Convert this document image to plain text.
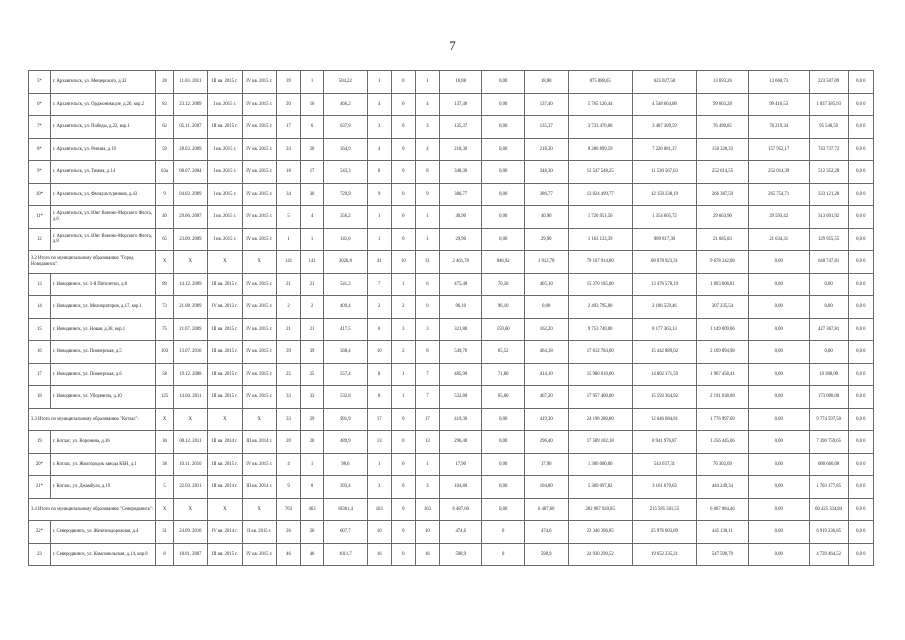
7
5*	г. Архангельск, ул. Мещерского, д.32	28	11.03. 2011	III кв. 2015 г.	IV кв. 2015 г.	39	1	504,22	1	0	1	18,88	0,00	18,88	875 888,65	625 027,58	13 693,26	13 660,73	223 507,09	0,0 0
6*	г. Архангельск, ул. Орджоникидзе, д.26, кор.2	83	23.12. 2009	I кв. 2015 г.	IV кв. 2015 г.	20	16	466,2	4	0	4	137,40	0,00	137,40	5 765 120,44	4 548 664,08	99 663,28	99 416,53	1 037 385,93	0,0 0
7*	г. Архангельск, ул. Победы, д.22, кор.1	62	05.11. 2007	III кв. 2015 г.	IV кв. 2015 г.	17	6	637,9	3	0	3	135,37	0,00	135,37	3 733 470,08	3 487 309,59	76 490,85	76 219,34	95 540,59	0,0 0
8*	г. Архангельск, ул. Репина, д.19	59	28.03. 2009	I кв. 2015 г.	IV кв. 2015 г.	24	20	564,9	4	0	4	218,30	0,00	218,30	8 286 899,59	7 226 881,37	158 328,33	157 952,17	743 737,72	0,0 0
9*	г. Архангельск, ул. Тимма, д.14	63а	08.07. 2004	I кв. 2015 г.	IV кв. 2015 г.	18	17	543,3	8	0	8	348,30	0,00	348,30	12 547 548,25	11 530 567,03	252 614,55	252 014,39	512 352,28	0,0 0
10*	г. Архангельск, ул. Фмзкультурников, д.43	9	04.03. 2009	I кв. 2015 г.	IV кв. 2015 г.	34	30	729,9	9	0	9	386,77	0,00	386,77	13 024 499,77	12 159 238,19	266 387,59	265 754,71	333 121,28	0,0 0
11*	г. Архангельск, ул. Юнг Военно-Морского Флота, д.6	40	29.06. 2007	I кв. 2015 г.	IV кв. 2015 г.	5	4	356,2	1	0	1	40,90	0,00	40,90	1 726 951,56	1 354 605,72	29 663,90	29 593,42	313 691,92	0,0 0
12	г. Архангельск, ул. Юнг Военно-Морского Флота, д.8	65	23.09. 2009	I кв. 2015 г.	IV кв. 2015 г.	1	1	141,0	1	0	1	29,90	0,00	29,90	1 163 123,39	989 817,30	21 685,83	21 634,31	129 955,55	0,0 0
3.2 Итого по муниципальному образованию "Город Новодвинск":		X	X	X	X	141	141	3026,8	41	10	31	2 461,70	846,92	1 912,78	79 167 914,00	68 878 923,31	9 678 242,08	0,00	640 747,81	0,0 0
13	г. Новодвинск, ул. 3-й Пятилетки, д.8	89	14.12. 2009	III кв. 2015 г.	IV кв. 2015 г.	21	21	541,3	7	1	6	475,40	70,30	405,10	15 370 185,00	13 476 578,19	1 893 606,81	0,00	0,00	0,0 0
14	г. Новодвинск, ул. Мелиораторов, д.17, кор.1	73	21.08. 2009	IV кв. 2013 г.	IV кв. 2015 г.	2	2	409,4	2	2	0	96,10	96,10	0,00	2 493 795,00	2 186 559,46	307 235,54	0,00	0,00	0,0 0
15	г. Новодвинск, ул. Новая, д.38, кор.1	75	21.07. 2009	III кв. 2015 г.	IV кв. 2015 г.	21	21	417,5	6	3	3	321,80	159,60	162,20	9 753 740,00	8 177 363,13	1 149 009,06	0,00	427 367,81	0,0 0
16	г. Новодвинск, ул. Пионерская, д.5	103	13.07. 2010	III кв. 2015 г.	IV кв. 2015 г.	39	39	568,4	10	2	8	549,70	85,52	464,18	17 612 784,00	15 442 889,02	2 169 894,98	0,00	0,00	0,0 0
17	г. Новодвинск, ул. Пионерская, д.6	58	19.12. 2008	III кв. 2015 г.	IV кв. 2015 г.	25	25	557,4	8	1	7	485,90	71,80	414,10	15 980 010,00	14 002 171,59	1 967 458,41	0,00	10 380,00	0,0 0
18	г. Новодвинск, ул. Уборевича, д.10	125	14.04. 2011	III кв. 2015 г.	IV кв. 2015 г.	33	33	532,8	8	1	7	532,80	65,60	467,20	17 957 400,00	15 593 364,92	2 191 038,08	0,00	173 000,00	0,0 0
3.3 Итого по муниципальному образованию "Котлас":		X	X	X	X	33	29	991,9	17	0	17	419,30	0,00	419,30	24 198 280,00	12 646 684,81	1 776 997,69	0,00	9 774 597,50	0,0 0
19	г. Котлас, ул. Воронина, д.36	30	08.12. 2011	III кв. 2014 г.	III кв. 2014 г.	20	20	489,9	13	0	13	296,40	0,00	296,40	17 589 182,18	8 941 976,87	1 256 445,66	0,00	7 390 759,65	0,0 0
20*	г. Котлас, ул. Жилгородок завода КБН, д.1	38	10.11. 2010	III кв. 2015 г.	IV кв. 2015 г.	4	1	98,6	1	0	1	17,90	0,00	17,90	1 300 000,00	543 037,31	76 302,69	0,00	680 660,00	0,0 0
21*	г. Котлас, ул. Джамбула, д.19	5	22.03. 2011	III кв. 2014 г.	III кв. 2014 г.	9	8	393,4	3	0	3	104,80	0,00	104,80	5 309 097,82	3 161 670,63	444 249,34	0,00	1 703 177,85	0,0 0
3.4 Итого по муниципальному образованию "Северодвинск":		X	X	X	X	763	463	18361,4	163	0	163	6 487,60	0,00	6 487,60	282 087 920,85	215 585 501,55	6 007 084,46	0,00	60 425 334,84	0,0 0
22*	г. Северодвинск, ул. Железнодорожная, д.4	31	24.09. 2010	IV кв. 2014 г.	II кв. 2015 г.	26	26	607,7	10	0	10	474,6	0	474,6	23 340 396,85	25 976 003,89	445 138,11	0,00	6 919 236,85	0,0 0
23	г. Северодвинск, ул. Комсомольская, д.14, кор.8	8	18.01. 2007	III кв. 2015 г.	IV кв. 2015 г.	46	46	1011,7	16	0	16	598,9	0	598,9	24 930 290,52	19 652 235,21	547 590,79	0,00	4 739 464,52	0,0 0
